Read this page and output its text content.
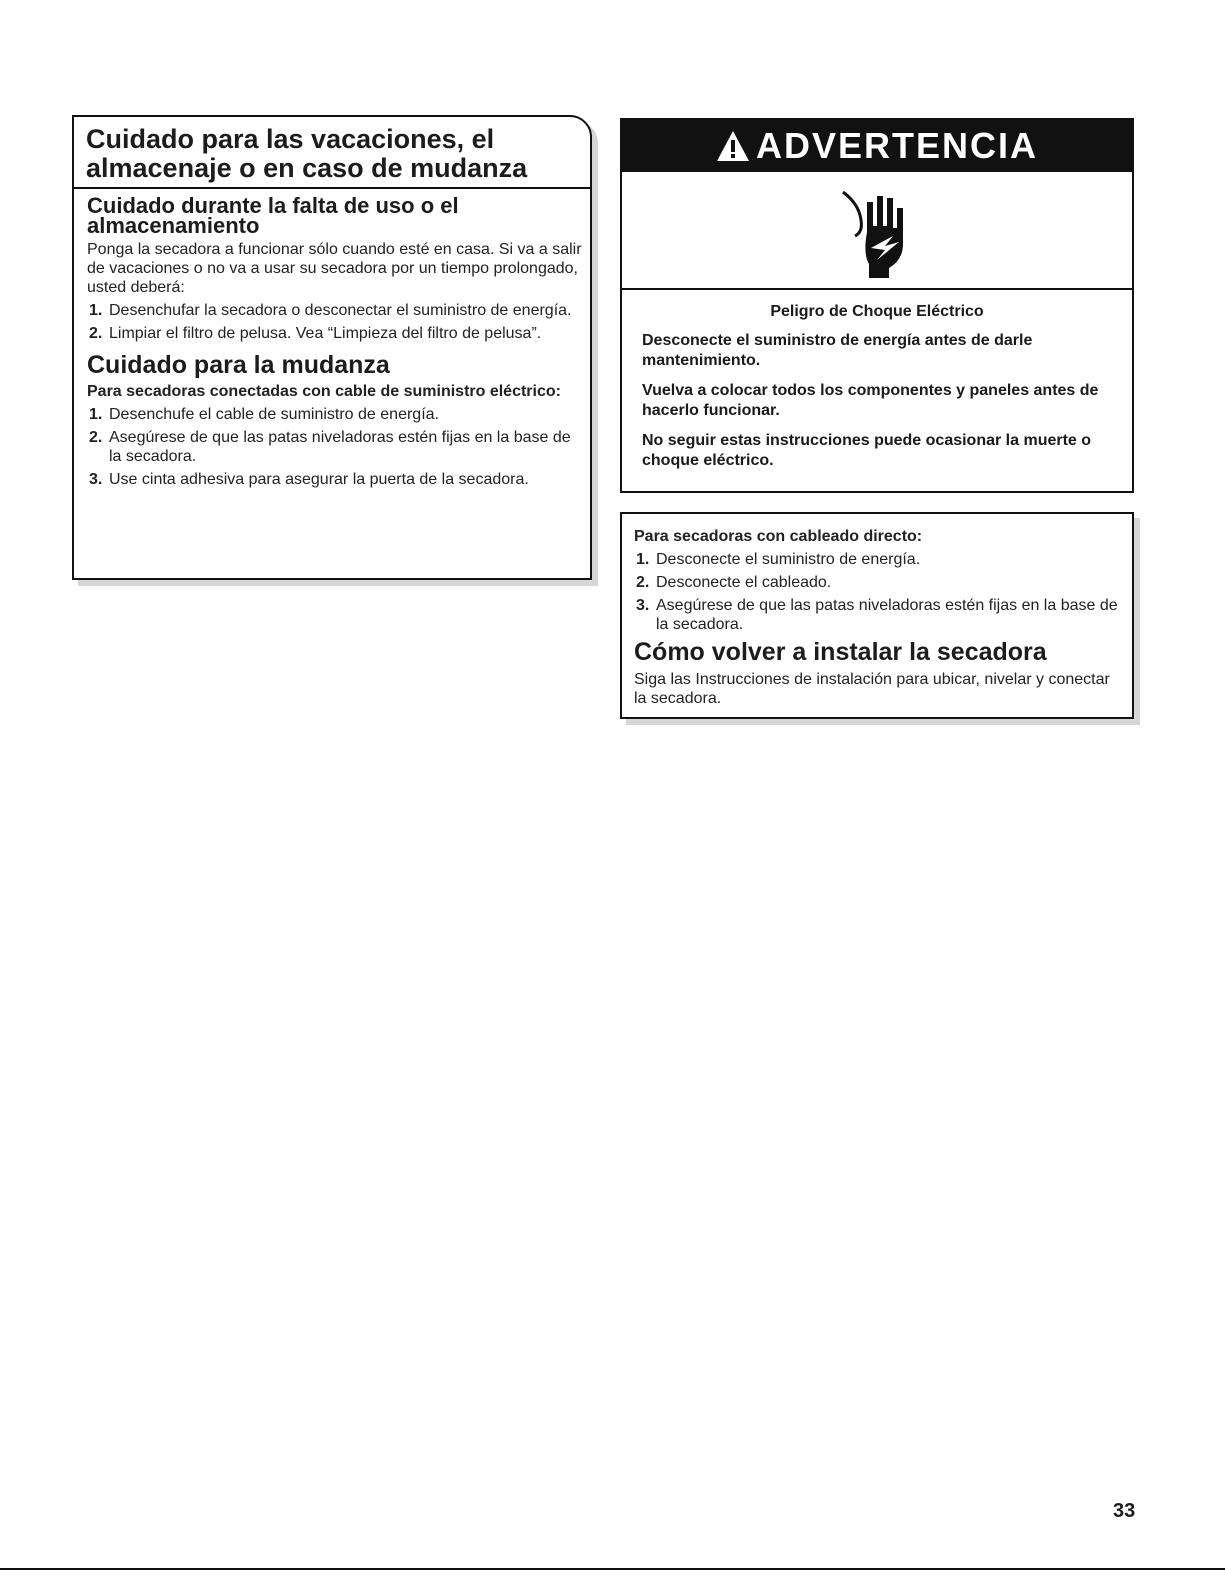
Cuidado para las vacaciones, el almacenaje o en caso de mudanza
Cuidado durante la falta de uso o el almacenamiento

Ponga la secadora a funcionar sólo cuando esté en casa. Si va a salir de vacaciones o no va a usar su secadora por un tiempo prolongado, usted deberá:

1. Desenchufar la secadora o desconectar el suministro de energía.
2. Limpiar el filtro de pelusa. Vea “Limpieza del filtro de pelusa”.
Cuidado para la mudanza
Para secadoras conectadas con cable de suministro eléctrico:
1. Desenchufe el cable de suministro de energía.
2. Asegúrese de que las patas niveladoras estén fijas en la base de la secadora.
3. Use cinta adhesiva para asegurar la puerta de la secadora.
ADVERTENCIA
Peligro de Choque Eléctrico

Desconecte el suministro de energía antes de darle mantenimiento.

Vuelva a colocar todos los componentes y paneles antes de hacerlo funcionar.

No seguir estas instrucciones puede ocasionar la muerte o choque eléctrico.

Para secadoras con cableado directo:
1. Desconecte el suministro de energía.
2. Desconecte el cableado.
3. Asegúrese de que las patas niveladoras estén fijas en la base de la secadora.
Cómo volver a instalar la secadora

Siga las Instrucciones de instalación para ubicar, nivelar y conectar la secadora.

33
